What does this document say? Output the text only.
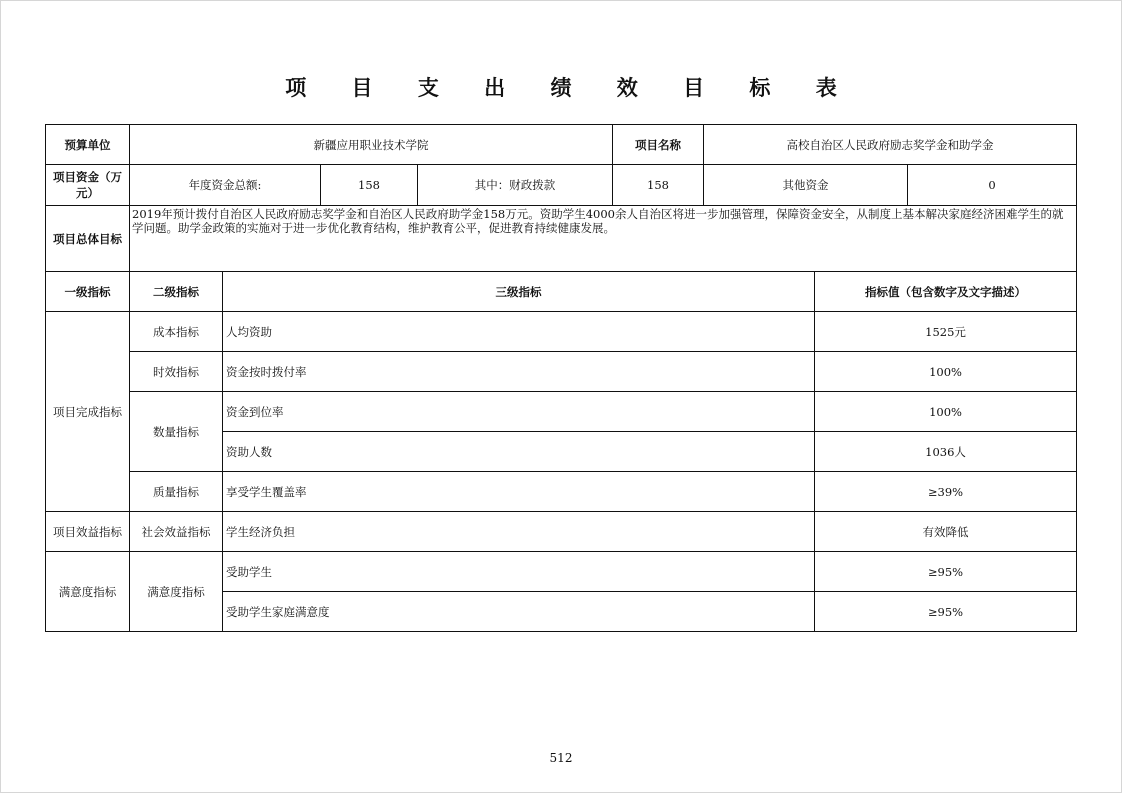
项 目 支 出 绩 效 目 标 表
预算单位	新疆应用职业技术学院				项目名称	高校自治区人民政府励志奖学金和助学金		
项目资金（万元）	年度资金总额:		158	其中：财政拨款	158	其他资金		0
项目总体目标	2019年预计拨付自治区人民政府励志奖学金和自治区人民政府助学金158万元。资助学生4000余人自治区将进一步加强管理，保障资金安全，从制度上基本解决家庭经济困难学生的就学问题。助学金政策的实施对于进一步优化教育结构，维护教育公平，促进教育持续健康发展。							
一级指标	二级指标	三级指标					指标值（包含数字及文字描述）	
项目完成指标	成本指标	人均资助					1525元	
	时效指标	资金按时拨付率					100%	
	数量指标	资金到位率					100%	
		资助人数					1036人	
	质量指标	享受学生覆盖率					≥39%	
项目效益指标	社会效益指标	学生经济负担					有效降低	
满意度指标	满意度指标	受助学生					≥95%	
		受助学生家庭满意度					≥95%	
512
